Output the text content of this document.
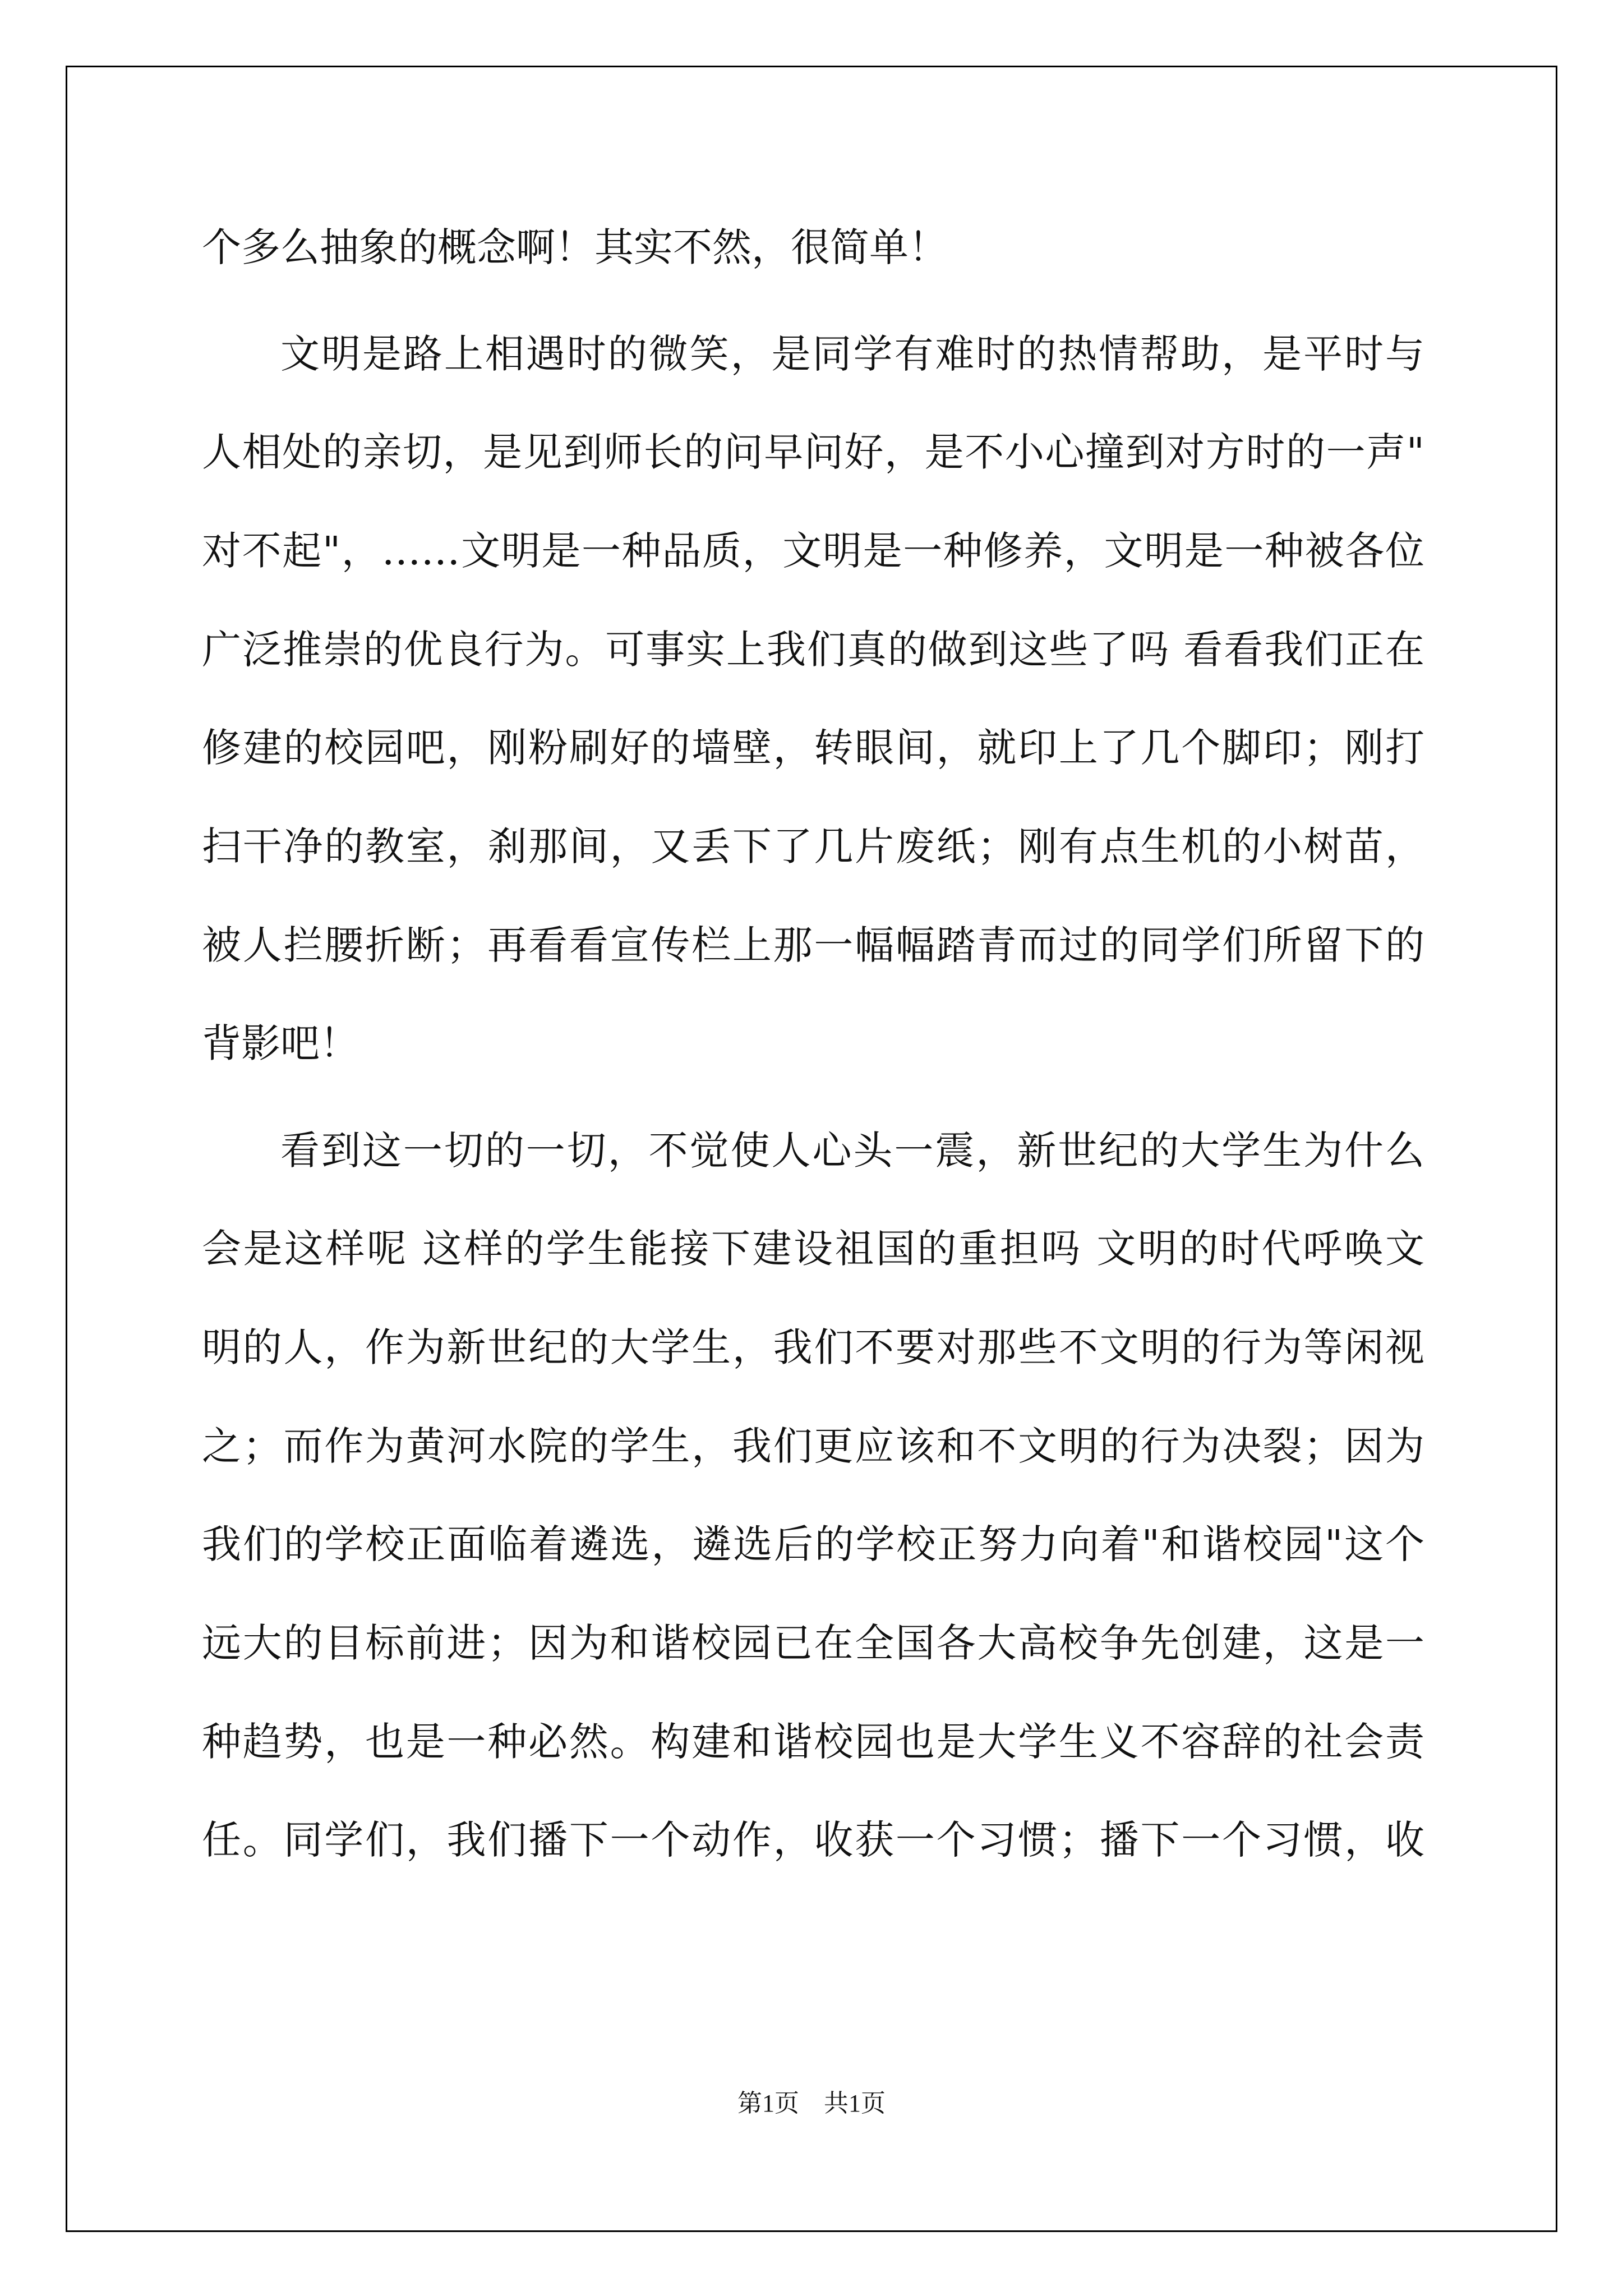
个多么抽象的概念啊！其实不然，很简单！
文明是路上相遇时的微笑，是同学有难时的热情帮助，是平时与
人相处的亲切，是见到师长的问早问好，是不小心撞到对方时的一声"
对不起"，……文明是一种品质，文明是一种修养，文明是一种被各位
广泛推崇的优良行为。可事实上我们真的做到这些了吗 看看我们正在
修建的校园吧，刚粉刷好的墙壁，转眼间，就印上了几个脚印；刚打
扫干净的教室，刹那间，又丢下了几片废纸；刚有点生机的小树苗，
被人拦腰折断；再看看宣传栏上那一幅幅踏青而过的同学们所留下的
背影吧！
看到这一切的一切，不觉使人心头一震，新世纪的大学生为什么
会是这样呢 这样的学生能接下建设祖国的重担吗 文明的时代呼唤文
明的人，作为新世纪的大学生，我们不要对那些不文明的行为等闲视
之；而作为黄河水院的学生，我们更应该和不文明的行为决裂；因为
我们的学校正面临着遴选，遴选后的学校正努力向着"和谐校园"这个
远大的目标前进；因为和谐校园已在全国各大高校争先创建，这是一
种趋势，也是一种必然。构建和谐校园也是大学生义不容辞的社会责
任。同学们，我们播下一个动作，收获一个习惯；播下一个习惯，收
第1页　共1页
